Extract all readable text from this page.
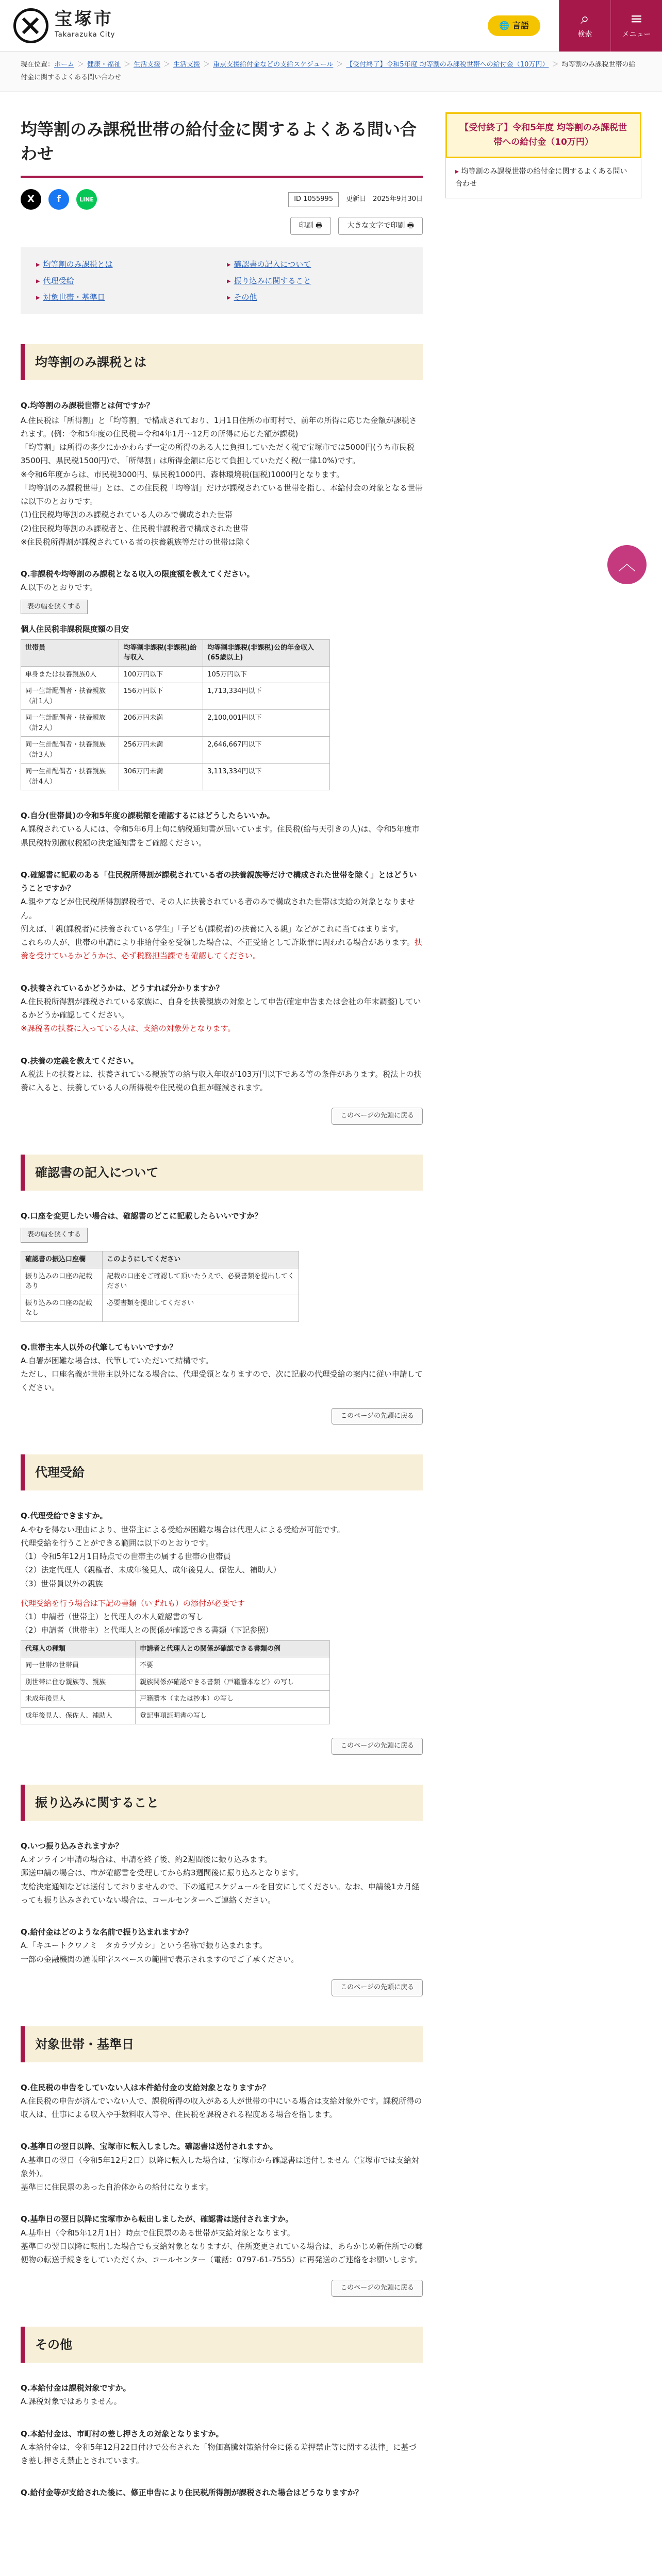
宝塚市
Takarazuka City
🌐 言語	⌕
検索
≡
メニュー
現在位置：ホーム ＞ 健康・福祉 ＞ 生活支援 ＞ 生活支援 ＞ 重点支援給付金などの支給スケジュール ＞ 【受付終了】令和5年度 均等割のみ課税世帯への給付金（10万円） ＞ 均等割のみ課税世帯の給付金に関するよくある問い合わせ
均等割のみ課税世帯の給付金に関するよくある問い合わせ
X	f	LINE	ID 1055995	更新日　2025年9月30日
印刷 🖶	大きな文字で印刷 🖶
▸ 均等割のみ課税とは	▸ 確認書の記入について
▸ 代理受給	▸ 振り込みに関すること
▸ 対象世帯・基準日	▸ その他
均等割のみ課税とは

Q.均等割のみ課税世帯とは何ですか？

A.住民税は「所得割」と「均等割」で構成されており、1月1日住所の市町村で、前年の所得に応じた金額が課税されます。(例：令和5年度の住民税＝令和4年1月〜12月の所得に応じた額が課税)

「均等割」は所得の多少にかかわらず一定の所得のある人に負担していただく税で宝塚市では5000円(うち市民税3500円、県民税1500円)で、「所得割」は所得金額に応じて負担していただく税(一律10%)です。

※令和6年度からは、市民税3000円、県民税1000円、森林環境税(国税)1000円となります。

「均等割のみ課税世帯」とは、この住民税「均等割」だけが課税されている世帯を指し、本給付金の対象となる世帯は以下のとおりです。

(1)住民税均等割のみ課税されている人のみで構成された世帯

(2)住民税均等割のみ課税者と、住民税非課税者で構成された世帯

※住民税所得割が課税されている者の扶養親族等だけの世帯は除く

Q.非課税や均等割のみ課税となる収入の限度額を教えてください。

A.以下のとおりです。

表の幅を狭くする

個人住民税非課税限度額の目安

世帯員	均等割非課税(非課税)給与収入	均等割非課税(非課税)公的年金収入(65歳以上)
単身または扶養親族0人	100万円以下	105万円以下
同一生計配偶者・扶養親族（計1人）	156万円以下	1,713,334円以下
同一生計配偶者・扶養親族（計2人）	206万円未満	2,100,001円以下
同一生計配偶者・扶養親族（計3人）	256万円未満	2,646,667円以下
同一生計配偶者・扶養親族（計4人）	306万円未満	3,113,334円以下

Q.自分(世帯員)の令和5年度の課税額を確認するにはどうしたらいいか。

A.課税されている人には、令和5年6月上旬に納税通知書が届いています。住民税(給与天引きの人)は、令和5年度市県民税特別徴収税額の決定通知書をご確認ください。

Q.確認書に記載のある「住民税所得割が課税されている者の扶養親族等だけで構成された世帯を除く」とはどういうことですか？

A.親やアなどが住民税所得割課税者で、その人に扶養されている者のみで構成された世帯は支給の対象となりません。

例えば、「親(課税者)に扶養されている学生」「子ども(課税者)の扶養に入る親」などがこれに当てはまります。

これらの人が、世帯の申請により非給付金を受領した場合は、不正受給として詐欺罪に問われる場合があります。扶養を受けているかどうかは、必ず税務担当課でも確認してください。

Q.扶養されているかどうかは、どうすれば分かりますか？

A.住民税所得割が課税されている家族に、自身を扶養親族の対象として申告(確定申告または会社の年末調整)しているかどうか確認してください。

※課税者の扶養に入っている人は、支給の対象外となります。

Q.扶養の定義を教えてください。

A.税法上の扶養とは、扶養されている親族等の給与収入年収が103万円以下である等の条件があります。税法上の扶養に入ると、扶養している人の所得税や住民税の負担が軽減されます。

このページの先頭に戻る
確認書の記入について

Q.口座を変更したい場合は、確認書のどこに記載したらいいですか？

表の幅を狭くする
確認書の振込口座欄	このようにしてください
振り込みの口座の記載あり	記載の口座をご確認して頂いたうえで、必要書類を提出してください
振り込みの口座の記載なし	必要書類を提出してください

Q.世帯主本人以外の代筆してもいいですか？

A.自署が困難な場合は、代筆していただいて結構です。

ただし、口座名義が世帯主以外になる場合は、代理受領となりますので、次に記載の代理受給の案内に従い申請してください。

このページの先頭に戻る
代理受給

Q.代理受給できますか。

A.やむを得ない理由により、世帯主による受給が困難な場合は代理人による受給が可能です。

代理受給を行うことができる範囲は以下のとおりです。

（1）令和5年12月1日時点での世帯主の属する世帯の世帯員

（2）法定代理人（親権者、未成年後見人、成年後見人、保佐人、補助人）

（3）世帯員以外の親族

代理受給を行う場合は下記の書類（いずれも）の添付が必要です

（1）申請者（世帯主）と代理人の本人確認書の写し

（2）申請者（世帯主）と代理人との関係が確認できる書類（下記参照）

代理人の種類	申請者と代理人との関係が確認できる書類の例
同一世帯の世帯員	不要
別世帯に住む親族等、親族	親族関係が確認できる書類（戸籍謄本など）の写し
未成年後見人	戸籍謄本（または抄本）の写し
成年後見人、保佐人、補助人	登記事項証明書の写し
このページの先頭に戻る
振り込みに関すること

Q.いつ振り込みされますか？

A.オンライン申請の場合は、申請を終了後、約2週間後に振り込みます。

郵送申請の場合は、市が確認書を受理してから約3週間後に振り込みとなります。

支給決定通知などは送付しておりませんので、下の通記スケジュールを目安にしてください。なお、申請後1カ月経っても振り込みされていない場合は、コールセンターへご連絡ください。

Q.給付金はどのような名前で振り込まれますか？

A.「キユートクワノミ　タカラヅカシ」という名称で振り込まれます。

一部の金融機関の通帳印字スペースの範囲で表示されますのでご了承ください。

このページの先頭に戻る
対象世帯・基準日

Q.住民税の申告をしていない人は本件給付金の支給対象となりますか？

A.住民税の申告が済んでいない人で、課税所得の収入がある人が世帯の中にいる場合は支給対象外です。課税所得の収入は、仕事による収入や手数料収入等や、住民税を課税される程度ある場合を指します。

Q.基準日の翌日以降、宝塚市に転入しました。確認書は送付されますか。

A.基準日の翌日（令和5年12月2日）以降に転入した場合は、宝塚市から確認書は送付しません（宝塚市では支給対象外）。

基準日に住民票のあった自治体からの給付になります。

Q.基準日の翌日以降に宝塚市から転出しましたが、確認書は送付されますか。

A.基準日（令和5年12月1日）時点で住民票のある世帯が支給対象となります。

基準日の翌日以降に転出した場合でも支給対象となりますが、住所変更されている場合は、あらかじめ新住所での郵便物の転送手続きをしていただくか、コールセンター（電話：0797-61-7555）に再発送のご連絡をお願いします。

このページの先頭に戻る
その他

Q.本給付金は課税対象ですか。

A.課税対象ではありません。

Q.本給付金は、市町村の差し押さえの対象となりますか。

A.本給付金は、令和5年12月22日付けで公布された「物価高騰対策給付金に係る差押禁止等に関する法律」に基づき差し押さえ禁止とされています。

Q.給付金等が支給された後に、修正申告により住民税所得割が課税された場合はどうなりますか？

【受付終了】令和5年度 均等割のみ課税世帯への給付金（10万円）
▸ 均等割のみ課税世帯の給付金に関するよくある問い合わせ
︿
